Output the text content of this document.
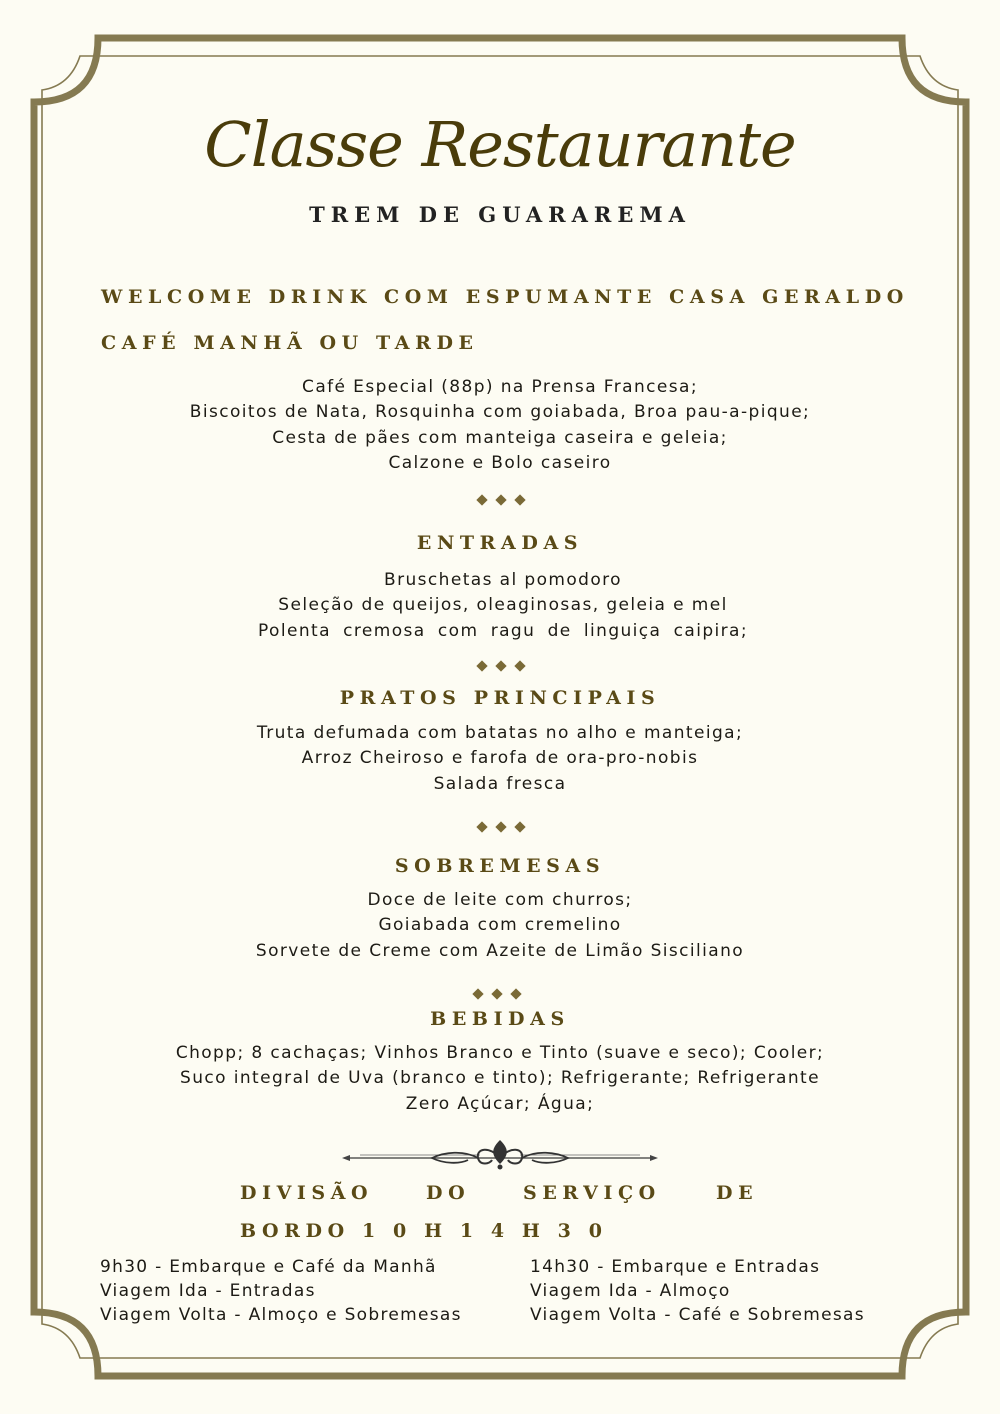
Classe Restaurante
TREM DE GUARAREMA
WELCOME DRINK COM ESPUMANTE CASA GERALDO
CAFÉ MANHÃ OU TARDE
Café Especial (88p) na Prensa Francesa;
Biscoitos de Nata, Rosquinha com goiabada, Broa pau-a-pique;
Cesta de pães com manteiga caseira e geleia;
Calzone e Bolo caseiro
ENTRADAS
Bruschetas al pomodoro
Seleção de queijos, oleaginosas, geleia e mel
Polenta cremosa com ragu de linguiça caipira;
PRATOS PRINCIPAIS
Truta defumada com batatas no alho e manteiga;
Arroz Cheiroso e farofa de ora-pro-nobis
Salada fresca
SOBREMESAS
Doce de leite com churros;
Goiabada com cremelino
Sorvete de Creme com Azeite de Limão Sisciliano
BEBIDAS
Chopp; 8 cachaças; Vinhos Branco e Tinto (suave e seco); Cooler;
Suco integral de Uva (branco e tinto); Refrigerante; Refrigerante
Zero Açúcar; Água;
DIVISÃO	DO	SERVIÇO	DE
BORDO 1 0 H 1 4 H 3 0
9h30 - Embarque e Café da Manhã
Viagem Ida - Entradas
Viagem Volta - Almoço e Sobremesas
14h30 - Embarque e Entradas
Viagem Ida - Almoço
Viagem Volta - Café e Sobremesas
